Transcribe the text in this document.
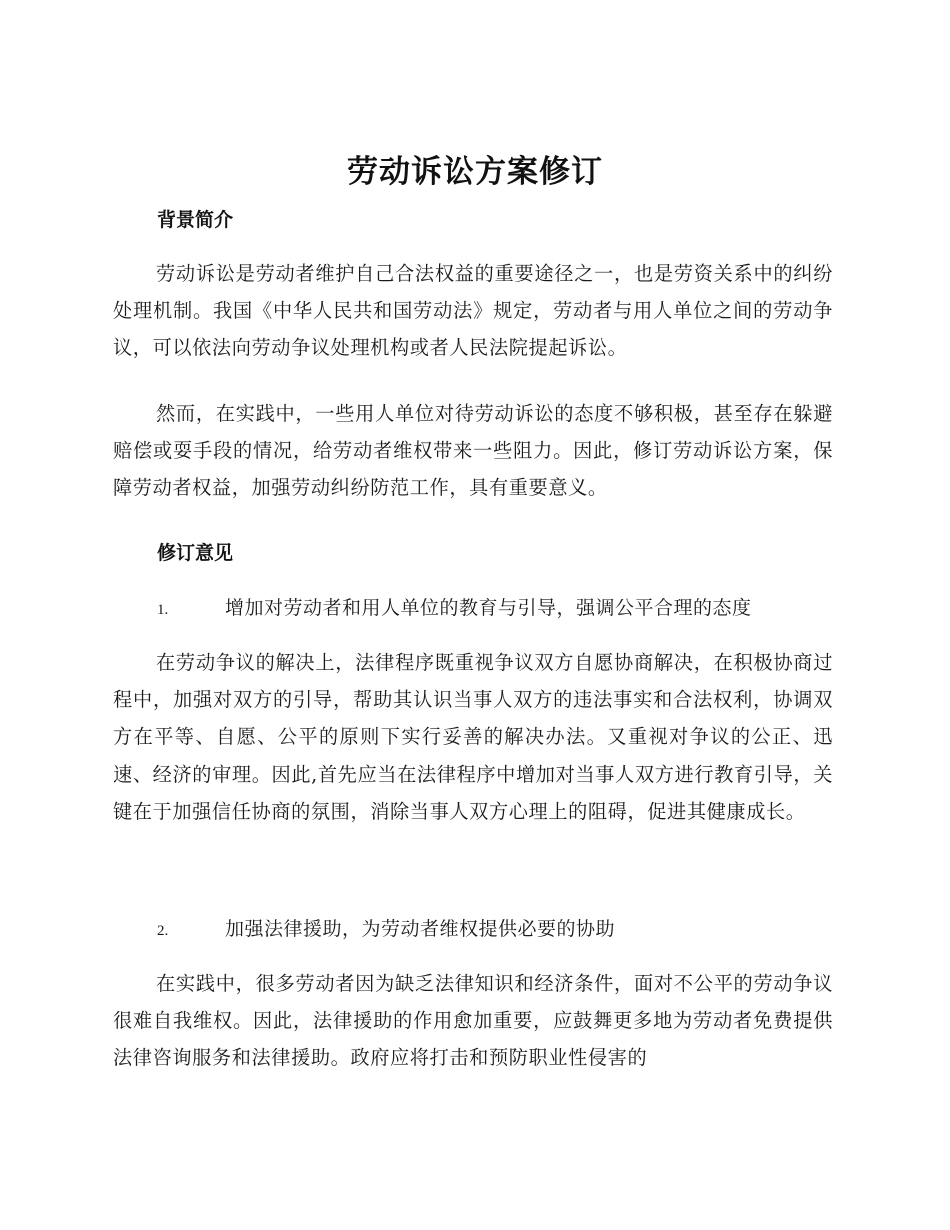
劳动诉讼方案修订
背景简介

劳动诉讼是劳动者维护自己合法权益的重要途径之一，也是劳资关系中的纠纷处理机制。我国《中华人民共和国劳动法》规定，劳动者与用人单位之间的劳动争议，可以依法向劳动争议处理机构或者人民法院提起诉讼。

然而，在实践中，一些用人单位对待劳动诉讼的态度不够积极，甚至存在躲避赔偿或耍手段的情况，给劳动者维权带来一些阻力。因此，修订劳动诉讼方案，保障劳动者权益，加强劳动纠纷防范工作，具有重要意义。

修订意见
1.	增加对劳动者和用人单位的教育与引导，强调公平合理的态度

在劳动争议的解决上，法律程序既重视争议双方自愿协商解决，在积极协商过程中，加强对双方的引导，帮助其认识当事人双方的违法事实和合法权利，协调双方在平等、自愿、公平的原则下实行妥善的解决办法。又重视对争议的公正、迅速、经济的审理。因此,首先应当在法律程序中增加对当事人双方进行教育引导，关键在于加强信任协商的氛围，消除当事人双方心理上的阻碍，促进其健康成长。

2.	加强法律援助，为劳动者维权提供必要的协助

在实践中，很多劳动者因为缺乏法律知识和经济条件，面对不公平的劳动争议很难自我维权。因此，法律援助的作用愈加重要，应鼓舞更多地为劳动者免费提供法律咨询服务和法律援助。政府应将打击和预防职业性侵害的
